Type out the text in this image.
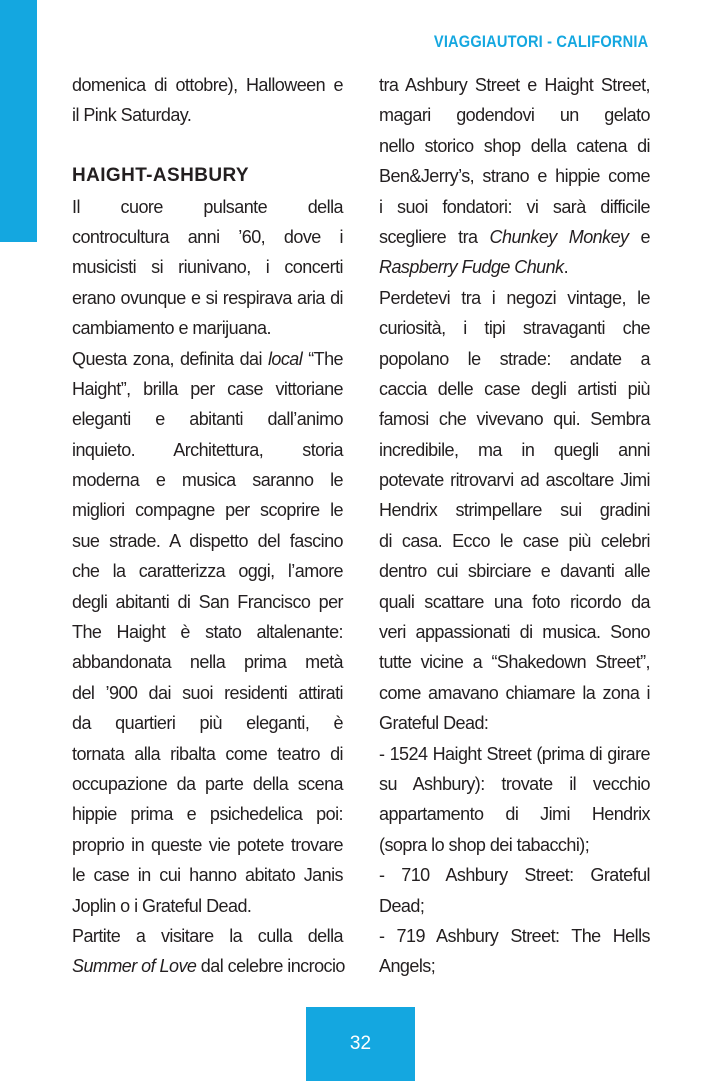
VIAGGIAUTORI - CALIFORNIA
domenica di ottobre), Halloween e
il Pink Saturday.
HAIGHT-ASHBURY
Il cuore pulsante della
controcultura anni ’60, dove i
musicisti si riunivano, i concerti
erano ovunque e si respirava aria di
cambiamento e marijuana.
Questa zona, definita dai local “The
Haight”, brilla per case vittoriane
eleganti e abitanti dall’animo
inquieto. Architettura, storia
moderna e musica saranno le
migliori compagne per scoprire le
sue strade. A dispetto del fascino
che la caratterizza oggi, l’amore
degli abitanti di San Francisco per
The Haight è stato altalenante:
abbandonata nella prima metà
del ’900 dai suoi residenti attirati
da quartieri più eleganti, è
tornata alla ribalta come teatro di
occupazione da parte della scena
hippie prima e psichedelica poi:
proprio in queste vie potete trovare
le case in cui hanno abitato Janis
Joplin o i Grateful Dead.
Partite a visitare la culla della
Summer of Love dal celebre incrocio
tra Ashbury Street e Haight Street,
magari godendovi un gelato
nello storico shop della catena di
Ben&Jerry’s, strano e hippie come
i suoi fondatori: vi sarà difficile
scegliere tra Chunkey Monkey e
Raspberry Fudge Chunk.
Perdetevi tra i negozi vintage, le
curiosità, i tipi stravaganti che
popolano le strade: andate a
caccia delle case degli artisti più
famosi che vivevano qui. Sembra
incredibile, ma in quegli anni
potevate ritrovarvi ad ascoltare Jimi
Hendrix strimpellare sui gradini
di casa. Ecco le case più celebri
dentro cui sbirciare e davanti alle
quali scattare una foto ricordo da
veri appassionati di musica. Sono
tutte vicine a “Shakedown Street”,
come amavano chiamare la zona i
Grateful Dead:
- 1524 Haight Street (prima di girare
su Ashbury): trovate il vecchio
appartamento di Jimi Hendrix
(sopra lo shop dei tabacchi);
- 710 Ashbury Street: Grateful
Dead;
- 719 Ashbury Street: The Hells
Angels;
32
